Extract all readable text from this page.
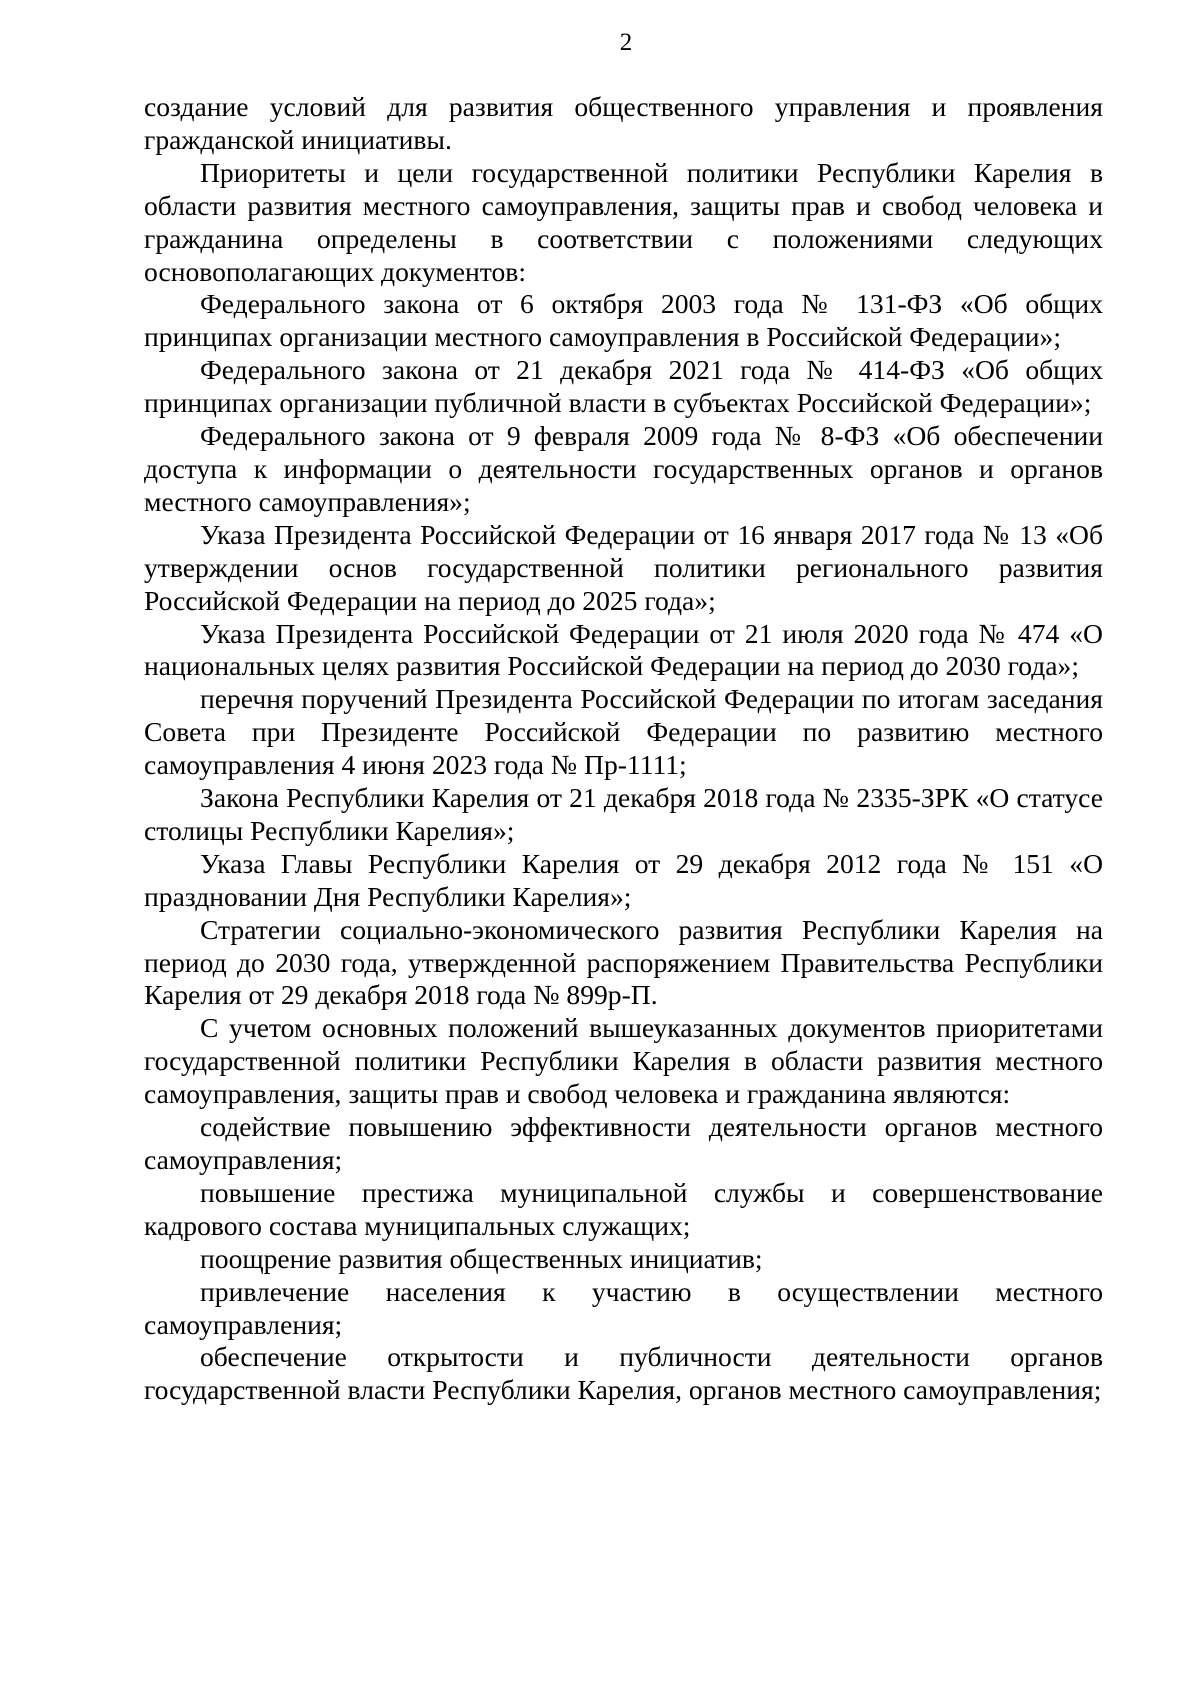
2

создание условий для развития общественного управления и проявления гражданской инициативы.

Приоритеты и цели государственной политики Республики Карелия в области развития местного самоуправления, защиты прав и свобод человека и гражданина определены в соответствии с положениями следующих основополагающих документов:

Федерального закона от 6 октября 2003 года № 131-ФЗ «Об общих принципах организации местного самоуправления в Российской Федерации»;

Федерального закона от 21 декабря 2021 года № 414-ФЗ «Об общих принципах организации публичной власти в субъектах Российской Федерации»;

Федерального закона от 9 февраля 2009 года № 8-ФЗ «Об обеспечении доступа к информации о деятельности государственных органов и органов местного самоуправления»;

Указа Президента Российской Федерации от 16 января 2017 года № 13 «Об утверждении основ государственной политики регионального развития Российской Федерации на период до 2025 года»;

Указа Президента Российской Федерации от 21 июля 2020 года № 474 «О национальных целях развития Российской Федерации на период до 2030 года»;

перечня поручений Президента Российской Федерации по итогам заседания Совета при Президенте Российской Федерации по развитию местного самоуправления 4 июня 2023 года № Пр-1111;

Закона Республики Карелия от 21 декабря 2018 года № 2335-ЗРК «О статусе столицы Республики Карелия»;

Указа Главы Республики Карелия от 29 декабря 2012 года № 151 «О праздновании Дня Республики Карелия»;

Стратегии социально-экономического развития Республики Карелия на период до 2030 года, утвержденной распоряжением Правительства Республики Карелия от 29 декабря 2018 года № 899р-П.

С учетом основных положений вышеуказанных документов приоритетами государственной политики Республики Карелия в области развития местного самоуправления, защиты прав и свобод человека и гражданина являются:

содействие повышению эффективности деятельности органов местного самоуправления;

повышение престижа муниципальной службы и совершенствование кадрового состава муниципальных служащих;

поощрение развития общественных инициатив;

привлечение населения к участию в осуществлении местного самоуправления;

обеспечение открытости и публичности деятельности органов государственной власти Республики Карелия, органов местного самоуправления;
